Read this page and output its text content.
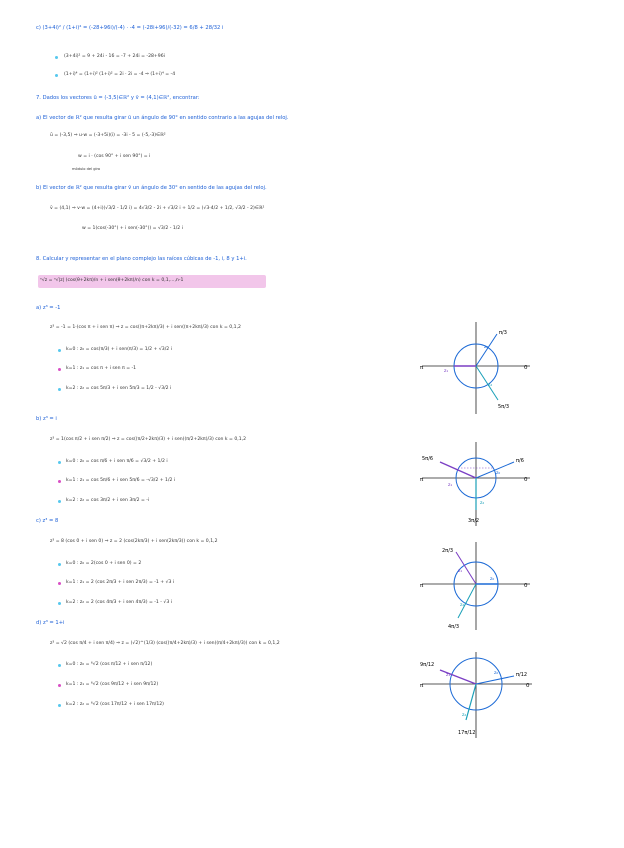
c) (3+4i)² / (1+i)⁴ = (-28+96i)/(-4) · -4 = (-28i+96)/(-32) = 6/8 + 28/32 i
(3+4i)² = 9 + 24i - 16 = -7 + 24i = -28+96i
(1+i)⁴ = (1+i)² (1+i)² = 2i · 2i = -4 ⇒ (1+i)⁴ = -4
7. Dados los vectores ū = (-3,5)∈ℝ² y v̄ = (4,1)∈ℝ², encontrar:
a) El vector de ℝ² que resulta girar ū un ángulo de 90° en sentido contrario a las agujas del reloj.
ū = (-3,5) ⇒ u·w = (-3+5i)(i) = -3i - 5 = (-5,-3)∈ℝ²
w = i · (cos 90° + i sen 90°) = i
módulo del giro
b) El vector de ℝ² que resulta girar v̄ un ángulo de 30° en sentido de las agujas del reloj.
v̄ = (4,1) ⇒ v·w = (4+i)(√3/2 - 1/2 i) = 4√3/2 - 2i + √3/2 i + 1/2 = (√3·4/2 + 1/2, √3/2 - 2)∈ℝ²
w = 1(cos(-30°) + i sen(-30°)) = √3/2 - 1/2 i
8. Calcular y representar en el plano complejo las raíces cúbicas de -1, i, 8 y 1+i.
ⁿ√z = ⁿ√|z| (cos(θ+2kπ)/n + i sen(θ+2kπ)/n) con k = 0,1,...,n-1
a) z³ = -1
z³ = -1 = 1·(cos π + i sen π) ⇒ z = cos((π+2kπ)/3) + i sen((π+2kπ)/3) con k = 0,1,2
k=0 : z₀ = cos(π/3) + i sen(π/3) = 1/2 + √3/2 i
k=1 : z₁ = cos π + i sen π = -1
k=2 : z₂ = cos 5π/3 + i sen 5π/3 = 1/2 - √3/2 i
b) z³ = i
z³ = 1(cos π/2 + i sen π/2) ⇒ z = cos((π/2+2kπ)/3) + i sen((π/2+2kπ)/3) con k = 0,1,2
k=0 : z₀ = cos π/6 + i sen π/6 = √3/2 + 1/2 i
k=1 : z₁ = cos 5π/6 + i sen 5π/6 = -√3/2 + 1/2 i
k=2 : z₂ = cos 3π/2 + i sen 3π/2 = -i
c) z³ = 8
z³ = 8 (cos 0 + i sen 0) ⇒ z = 2 (cos(2kπ/3) + i sen(2kπ/3)) con k = 0,1,2
k=0 : z₀ = 2(cos 0 + i sen 0) = 2
k=1 : z₁ = 2 (cos 2π/3 + i sen 2π/3) = -1 + √3 i
k=2 : z₂ = 2 (cos 4π/3 + i sen 4π/3) = -1 - √3 i
d) z³ = 1+i
z³ = √2 (cos π/4 + i sen π/4) ⇒ z = (√2)^(1/3) (cos((π/4+2kπ)/3) + i sen((π/4+2kπ)/3)) con k = 0,1,2
k=0 : z₀ = ⁶√2 (cos π/12 + i sen π/12)
k=1 : z₁ = ⁶√2 (cos 9π/12 + i sen 9π/12)
k=2 : z₂ = ⁶√2 (cos 17π/12 + i sen 17π/12)
π	0
π/3
5π/3
z₀
z₁
z₂
π	0
5π/6	π/6
3π/2
z₀
z₁
z₂
π	0
2π/3
4π/3
z₀
z₁
z₂
π	0
9π/12
π/12
17π/12
z₀
z₁
z₂
